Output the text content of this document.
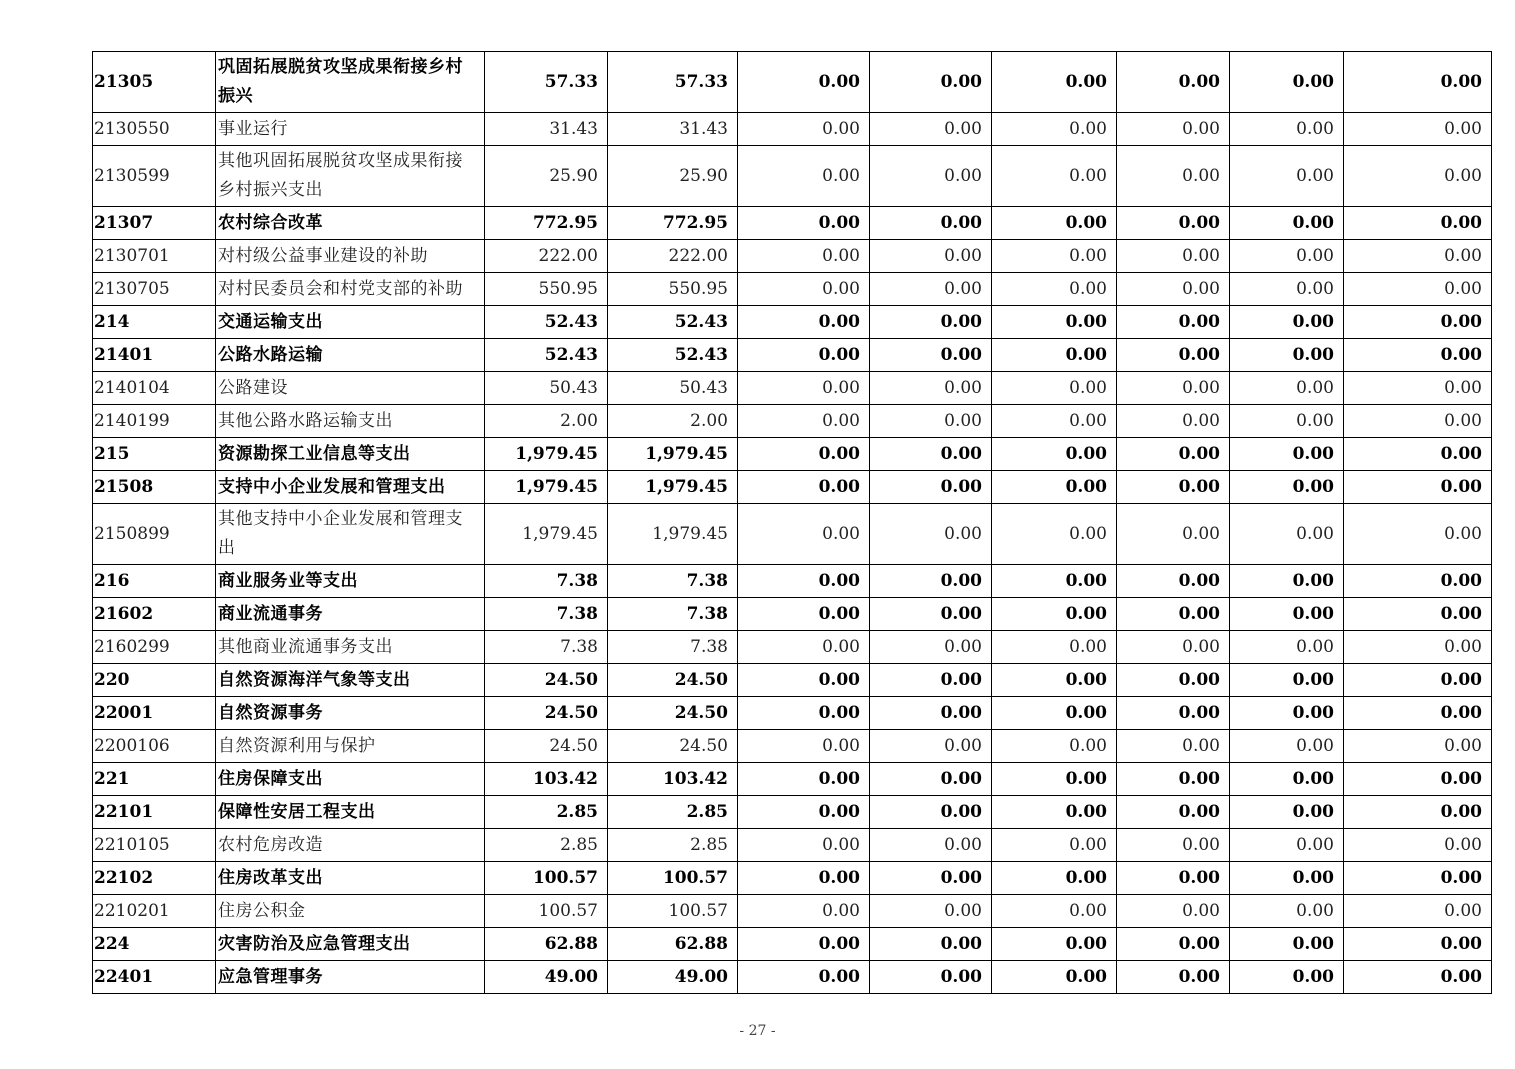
21305	巩固拓展脱贫攻坚成果衔接乡村振兴	57.33	57.33	0.00	0.00	0.00	0.00	0.00	0.00
2130550	事业运行	31.43	31.43	0.00	0.00	0.00	0.00	0.00	0.00
2130599	其他巩固拓展脱贫攻坚成果衔接乡村振兴支出	25.90	25.90	0.00	0.00	0.00	0.00	0.00	0.00
21307	农村综合改革	772.95	772.95	0.00	0.00	0.00	0.00	0.00	0.00
2130701	对村级公益事业建设的补助	222.00	222.00	0.00	0.00	0.00	0.00	0.00	0.00
2130705	对村民委员会和村党支部的补助	550.95	550.95	0.00	0.00	0.00	0.00	0.00	0.00
214	交通运输支出	52.43	52.43	0.00	0.00	0.00	0.00	0.00	0.00
21401	公路水路运输	52.43	52.43	0.00	0.00	0.00	0.00	0.00	0.00
2140104	公路建设	50.43	50.43	0.00	0.00	0.00	0.00	0.00	0.00
2140199	其他公路水路运输支出	2.00	2.00	0.00	0.00	0.00	0.00	0.00	0.00
215	资源勘探工业信息等支出	1,979.45	1,979.45	0.00	0.00	0.00	0.00	0.00	0.00
21508	支持中小企业发展和管理支出	1,979.45	1,979.45	0.00	0.00	0.00	0.00	0.00	0.00
2150899	其他支持中小企业发展和管理支出	1,979.45	1,979.45	0.00	0.00	0.00	0.00	0.00	0.00
216	商业服务业等支出	7.38	7.38	0.00	0.00	0.00	0.00	0.00	0.00
21602	商业流通事务	7.38	7.38	0.00	0.00	0.00	0.00	0.00	0.00
2160299	其他商业流通事务支出	7.38	7.38	0.00	0.00	0.00	0.00	0.00	0.00
220	自然资源海洋气象等支出	24.50	24.50	0.00	0.00	0.00	0.00	0.00	0.00
22001	自然资源事务	24.50	24.50	0.00	0.00	0.00	0.00	0.00	0.00
2200106	自然资源利用与保护	24.50	24.50	0.00	0.00	0.00	0.00	0.00	0.00
221	住房保障支出	103.42	103.42	0.00	0.00	0.00	0.00	0.00	0.00
22101	保障性安居工程支出	2.85	2.85	0.00	0.00	0.00	0.00	0.00	0.00
2210105	农村危房改造	2.85	2.85	0.00	0.00	0.00	0.00	0.00	0.00
22102	住房改革支出	100.57	100.57	0.00	0.00	0.00	0.00	0.00	0.00
2210201	住房公积金	100.57	100.57	0.00	0.00	0.00	0.00	0.00	0.00
224	灾害防治及应急管理支出	62.88	62.88	0.00	0.00	0.00	0.00	0.00	0.00
22401	应急管理事务	49.00	49.00	0.00	0.00	0.00	0.00	0.00	0.00
- 27 -
